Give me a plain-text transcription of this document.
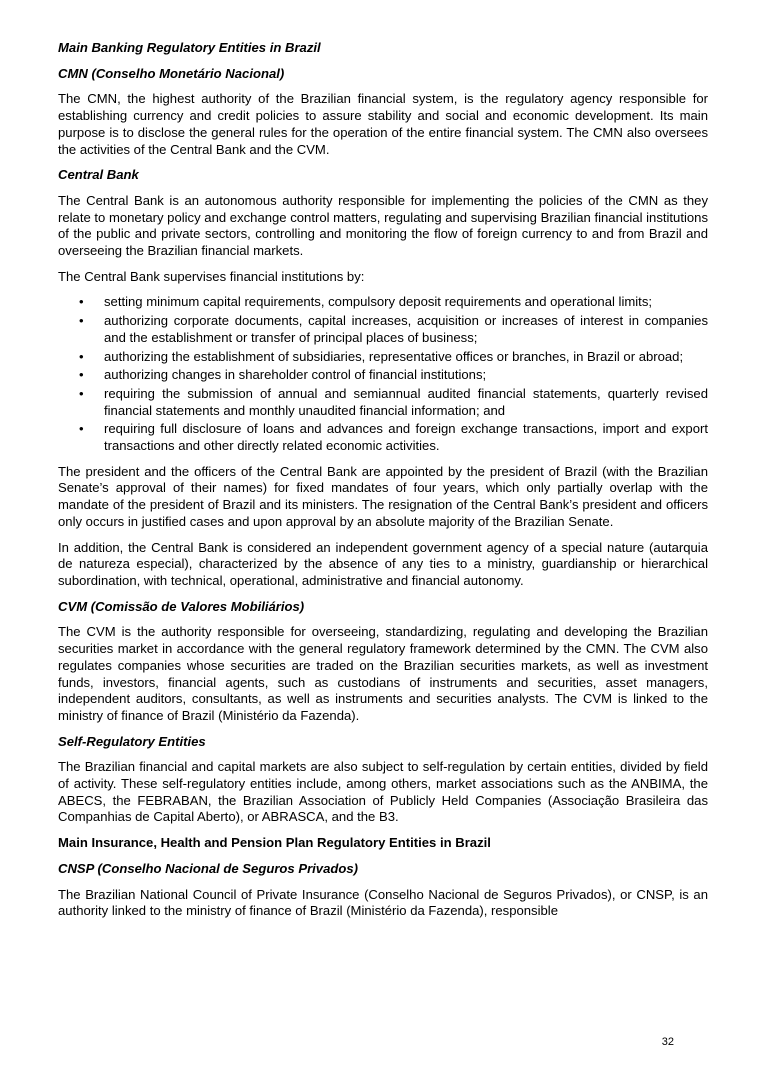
Main Banking Regulatory Entities in Brazil
CMN (Conselho Monetário Nacional)

The CMN, the highest authority of the Brazilian financial system, is the regulatory agency responsible for establishing currency and credit policies to assure stability and social and economic development. Its main purpose is to disclose the general rules for the operation of the entire financial system. The CMN also oversees the activities of the Central Bank and the CVM.

Central Bank

The Central Bank is an autonomous authority responsible for implementing the policies of the CMN as they relate to monetary policy and exchange control matters, regulating and supervising Brazilian financial institutions of the public and private sectors, controlling and monitoring the flow of foreign currency to and from Brazil and overseeing the Brazilian financial markets.

The Central Bank supervises financial institutions by:

• setting minimum capital requirements, compulsory deposit requirements and operational limits;
• authorizing corporate documents, capital increases, acquisition or increases of interest in companies and the establishment or transfer of principal places of business;
• authorizing the establishment of subsidiaries, representative offices or branches, in Brazil or abroad;
• authorizing changes in shareholder control of financial institutions;
• requiring the submission of annual and semiannual audited financial statements, quarterly revised financial statements and monthly unaudited financial information; and
• requiring full disclosure of loans and advances and foreign exchange transactions, import and export transactions and other directly related economic activities.

The president and the officers of the Central Bank are appointed by the president of Brazil (with the Brazilian Senate’s approval of their names) for fixed mandates of four years, which only partially overlap with the mandate of the president of Brazil and its ministers. The resignation of the Central Bank’s president and officers only occurs in justified cases and upon approval by an absolute majority of the Brazilian Senate.

In addition, the Central Bank is considered an independent government agency of a special nature (autarquia de natureza especial), characterized by the absence of any ties to a ministry, guardianship or hierarchical subordination, with technical, operational, administrative and financial autonomy.

CVM (Comissão de Valores Mobiliários)

The CVM is the authority responsible for overseeing, standardizing, regulating and developing the Brazilian securities market in accordance with the general regulatory framework determined by the CMN. The CVM also regulates companies whose securities are traded on the Brazilian securities markets, as well as investment funds, investors, financial agents, such as custodians of instruments and securities, asset managers, independent auditors, consultants, as well as instruments and securities analysts. The CVM is linked to the ministry of finance of Brazil (Ministério da Fazenda).

Self-Regulatory Entities

The Brazilian financial and capital markets are also subject to self-regulation by certain entities, divided by field of activity. These self-regulatory entities include, among others, market associations such as the ANBIMA, the ABECS, the FEBRABAN, the Brazilian Association of Publicly Held Companies (Associação Brasileira das Companhias de Capital Aberto), or ABRASCA, and the B3.

Main Insurance, Health and Pension Plan Regulatory Entities in Brazil
CNSP (Conselho Nacional de Seguros Privados)

The Brazilian National Council of Private Insurance (Conselho Nacional de Seguros Privados), or CNSP, is an authority linked to the ministry of finance of Brazil (Ministério da Fazenda), responsible

32
